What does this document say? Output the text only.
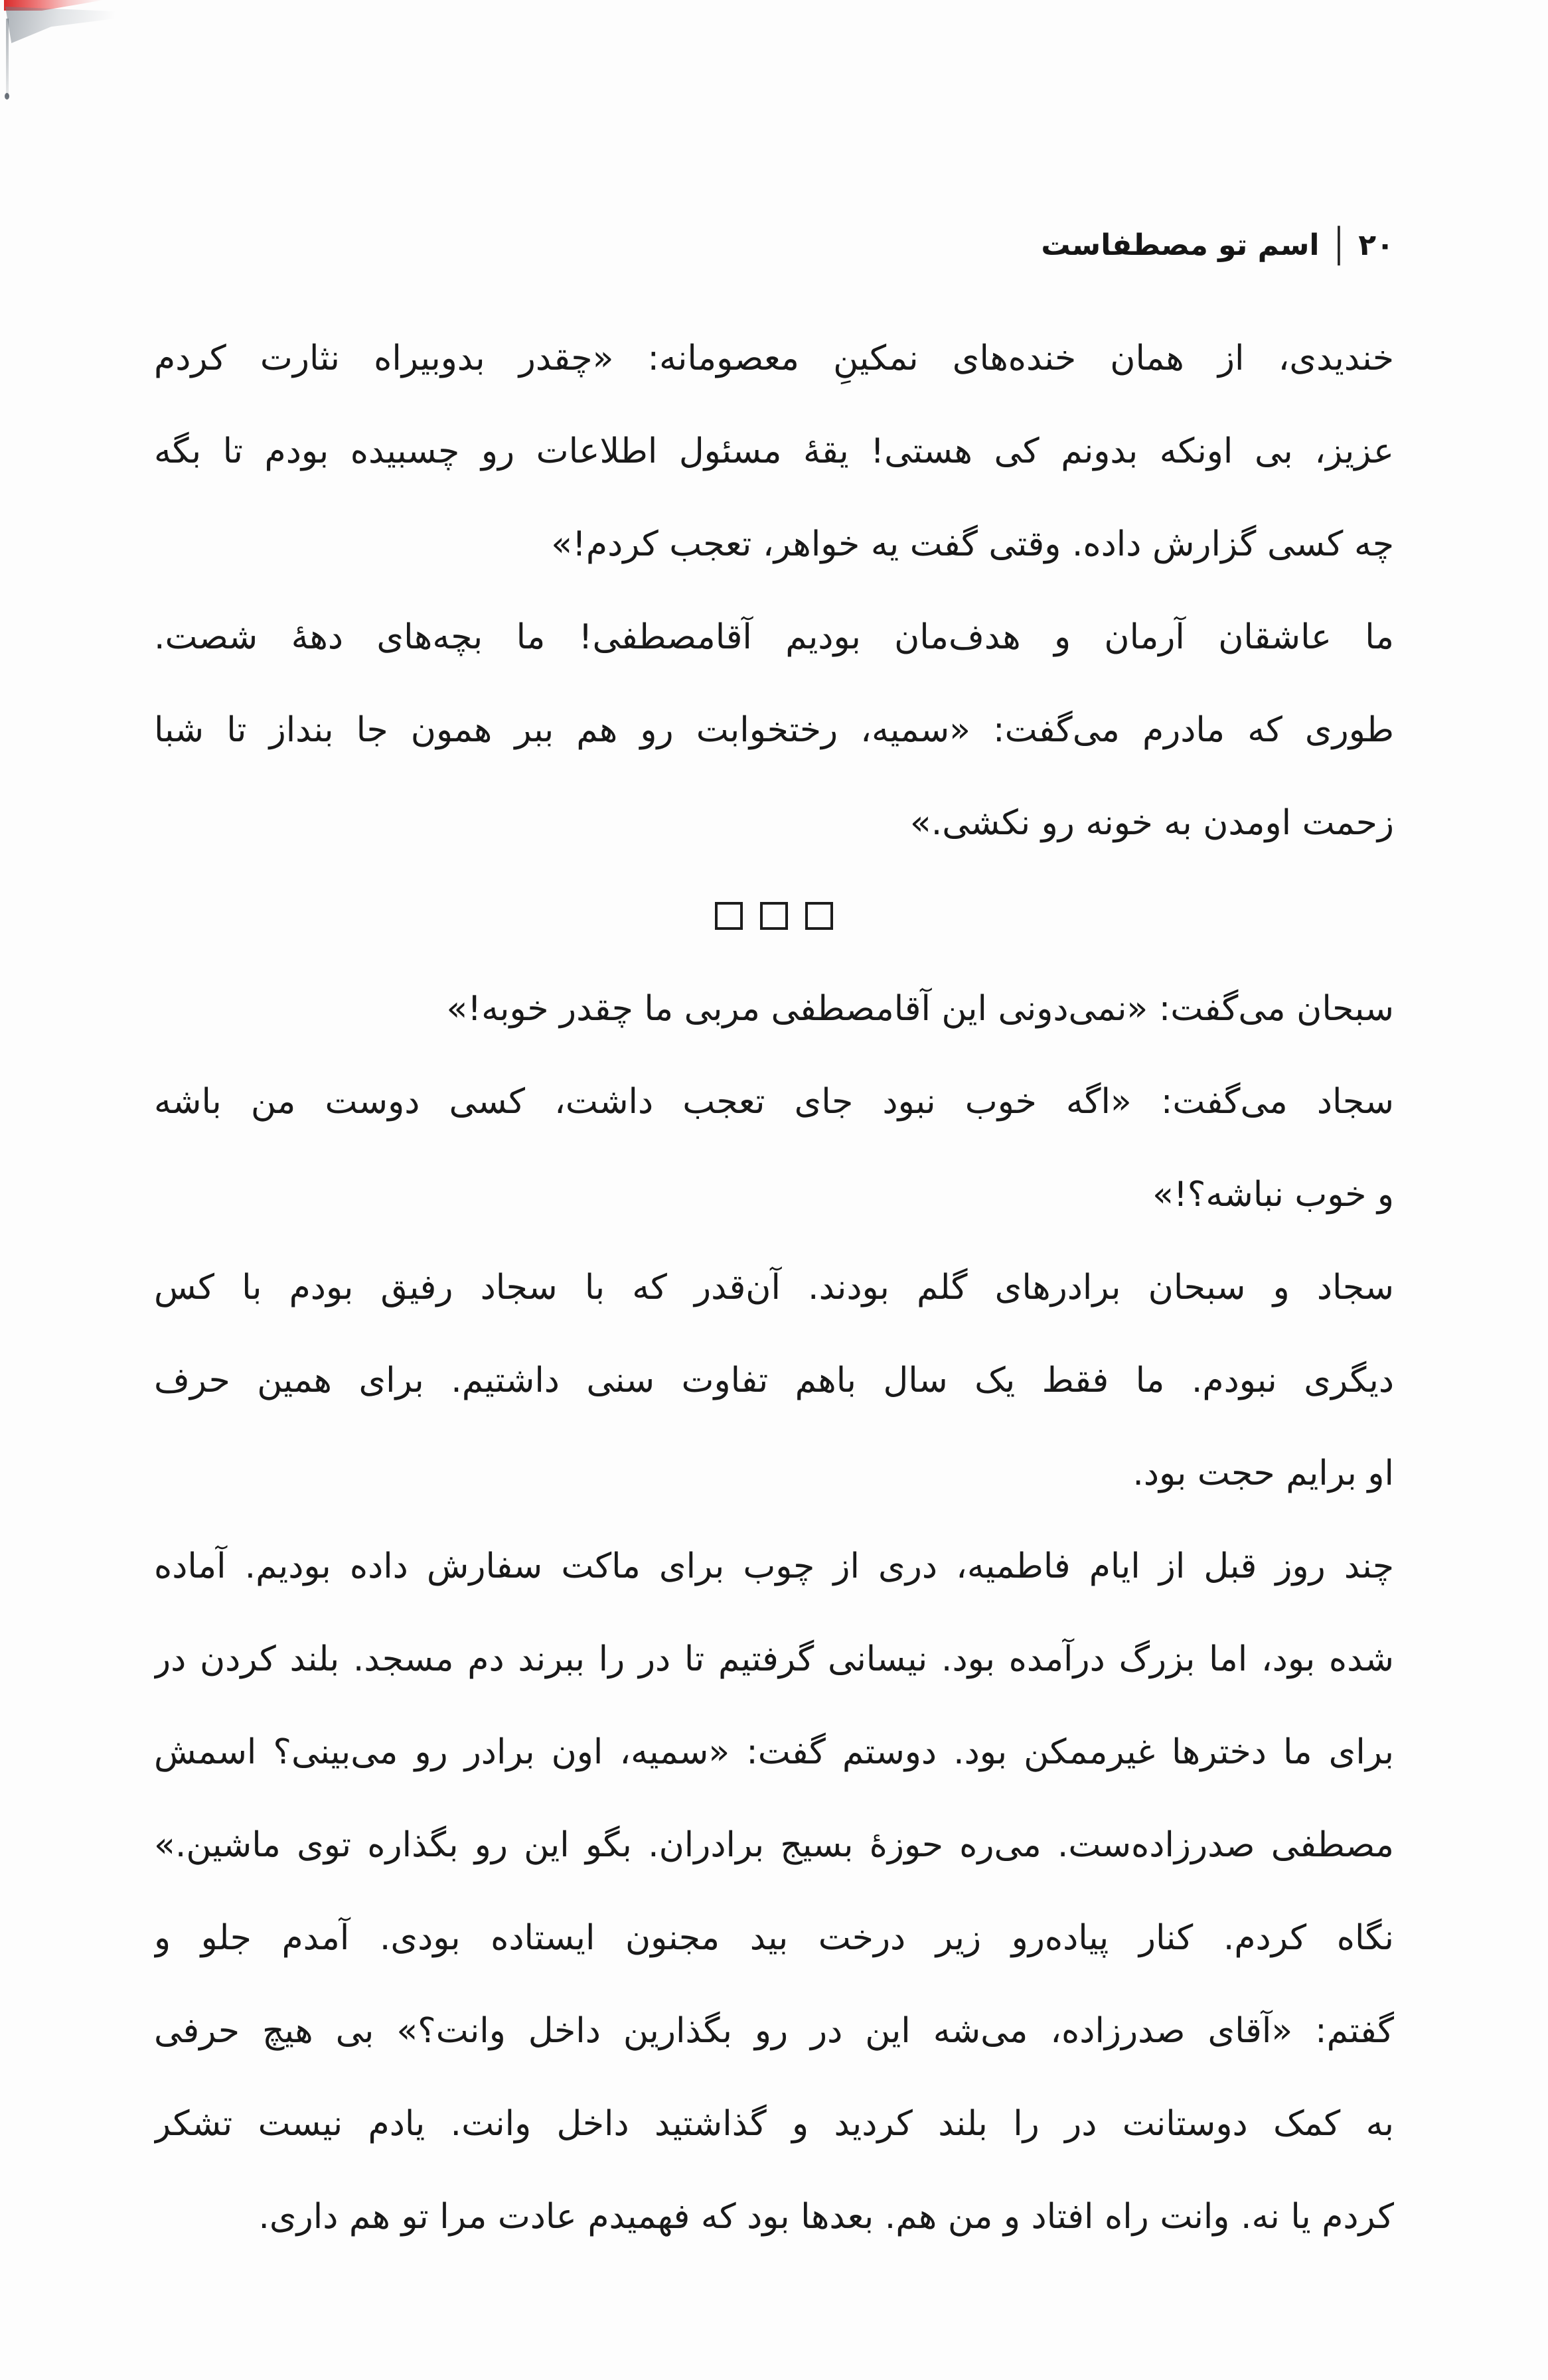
۲۰
|
اسم تو مصطفاست
خندیدی، از همان خنده‌های نمکینِ معصومانه: «چقدر بدوبیراه نثارت کردم
عزیز، بی اونکه بدونم کی هستی! یقهٔ مسئول اطلاعات رو چسبیده بودم تا بگه
چه کسی گزارش داده. وقتی گفت یه خواهر، تعجب کردم!»
ما عاشقان آرمان و هدف‌مان بودیم آقامصطفی! ما بچه‌های دههٔ شصت.
طوری که مادرم می‌گفت: «سمیه، رختخوابت رو هم ببر همون جا بنداز تا شبا
زحمت اومدن به خونه رو نکشی.»
سبحان می‌گفت: «نمی‌دونی این آقامصطفی مربی ما چقدر خوبه!»
سجاد می‌گفت: «اگه خوب نبود جای تعجب داشت، کسی دوست من باشه
و خوب نباشه؟!»
سجاد و سبحان برادرهای گلم بودند. آن‌قدر که با سجاد رفیق بودم با کس
دیگری نبودم. ما فقط یک سال باهم تفاوت سنی داشتیم. برای همین حرف
او برایم حجت بود.
چند روز قبل از ایام فاطمیه، دری از چوب برای ماکت سفارش داده بودیم. آماده
شده بود، اما بزرگ درآمده بود. نیسانی گرفتیم تا در را ببرند دم مسجد. بلند کردن در
برای ما دخترها غیرممکن بود. دوستم گفت: «سمیه، اون برادر رو می‌بینی؟ اسمش
مصطفی صدرزاده‌ست. می‌ره حوزهٔ بسیج برادران. بگو این رو بگذاره توی ماشین.»
نگاه کردم. کنار پیاده‌رو زیر درخت بید مجنون ایستاده بودی. آمدم جلو و
گفتم: «آقای صدرزاده، می‌شه این در رو بگذارین داخل وانت؟» بی هیچ حرفی
به کمک دوستانت در را بلند کردید و گذاشتید داخل وانت. یادم نیست تشکر
کردم یا نه. وانت راه افتاد و من هم. بعدها بود که فهمیدم عادت مرا تو هم داری.
